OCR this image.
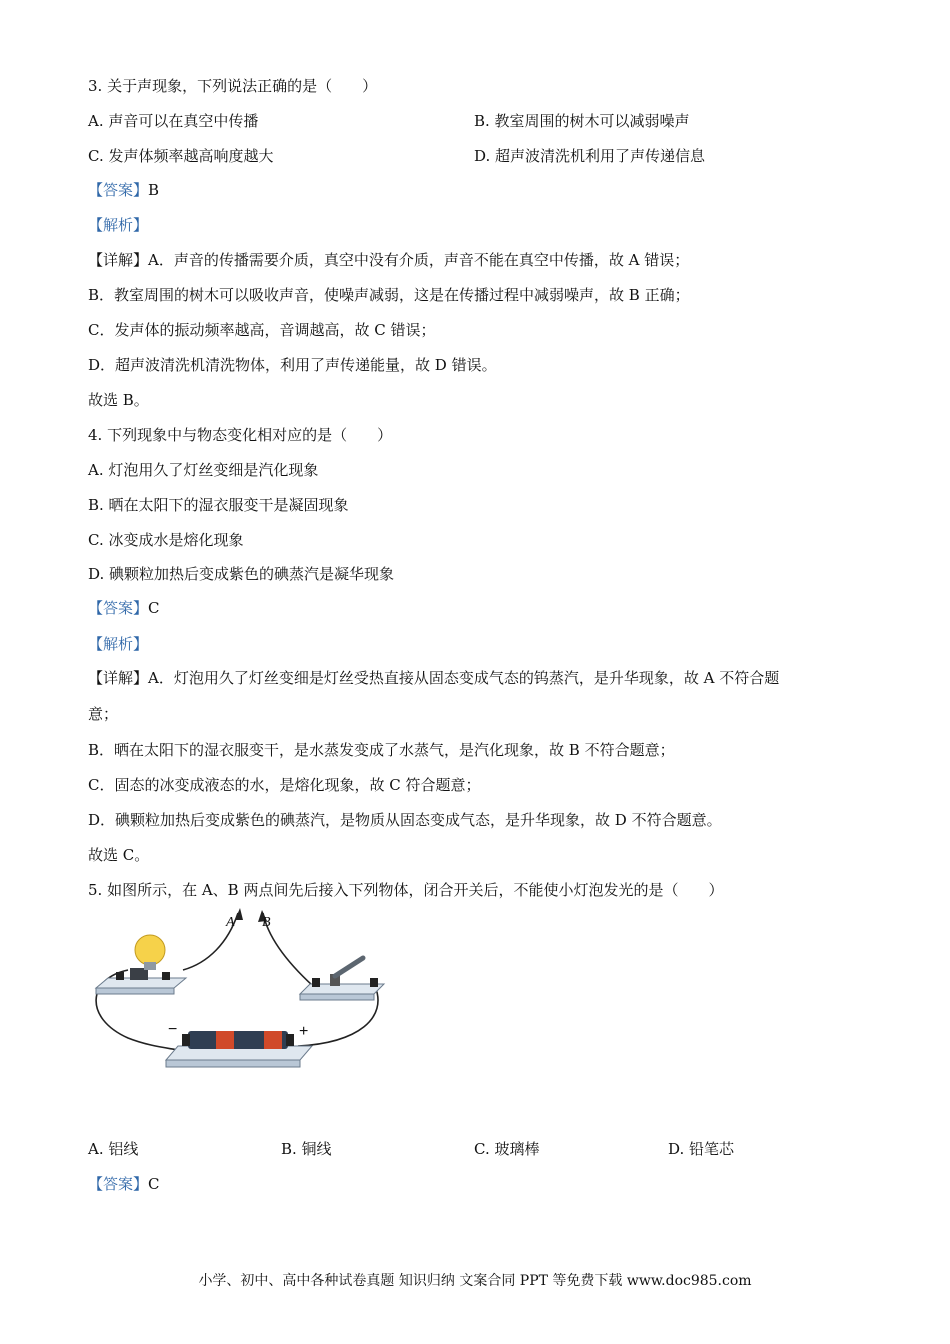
3. 关于声现象，下列说法正确的是（　　）
A. 声音可以在真空中传播	B. 教室周围的树木可以减弱噪声
C. 发声体频率越高响度越大	D. 超声波清洗机利用了声传递信息
【答案】B
【解析】
【详解】A．声音的传播需要介质，真空中没有介质，声音不能在真空中传播，故 A 错误；
B．教室周围的树木可以吸收声音，使噪声减弱，这是在传播过程中减弱噪声，故 B 正确；
C．发声体的振动频率越高，音调越高，故 C 错误；
D．超声波清洗机清洗物体，利用了声传递能量，故 D 错误。
故选 B。
4. 下列现象中与物态变化相对应的是（　　）
A. 灯泡用久了灯丝变细是汽化现象
B. 晒在太阳下的湿衣服变干是凝固现象
C. 冰变成水是熔化现象
D. 碘颗粒加热后变成紫色的碘蒸汽是凝华现象
【答案】C
【解析】
【详解】A．灯泡用久了灯丝变细是灯丝受热直接从固态变成气态的钨蒸汽，是升华现象，故 A 不符合题
意；
B．晒在太阳下的湿衣服变干，是水蒸发变成了水蒸气，是汽化现象，故 B 不符合题意；
C．固态的冰变成液态的水，是熔化现象，故 C 符合题意；
D．碘颗粒加热后变成紫色的碘蒸汽，是物质从固态变成气态，是升华现象，故 D 不符合题意。
故选 C。
5. 如图所示，在 A、B 两点间先后接入下列物体，闭合开关后，不能使小灯泡发光的是（　　）
A B
−	+
A. 铝线	B. 铜线	C. 玻璃棒	D. 铅笔芯
【答案】C
小学、初中、高中各种试卷真题 知识归纳 文案合同 PPT 等免费下载 www.doc985.com
